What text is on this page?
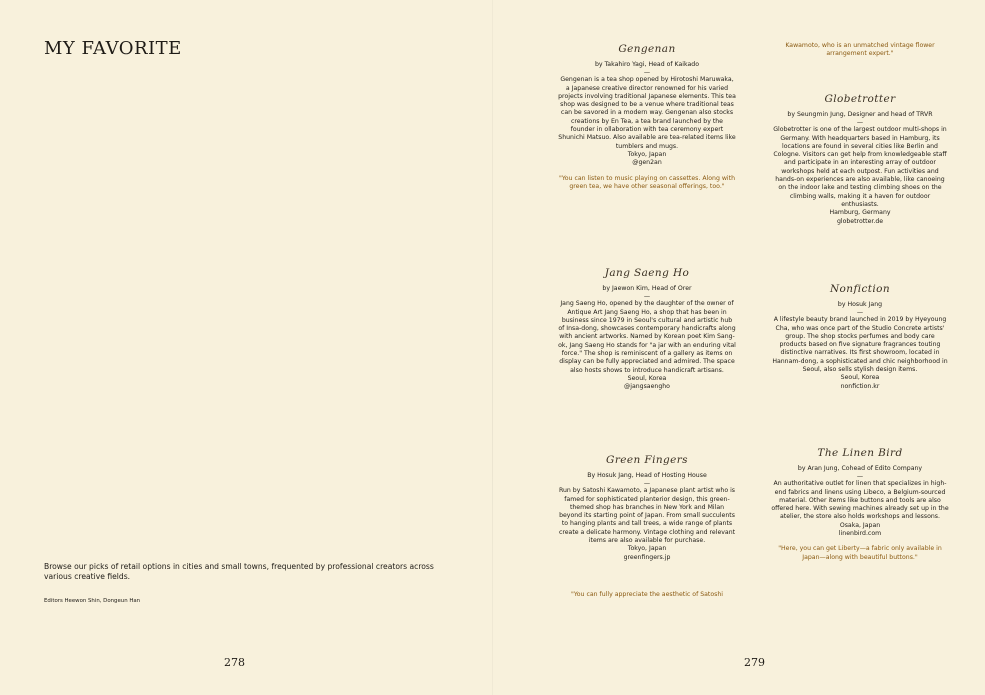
MY FAVORITE
Browse our picks of retail options in cities and small towns, frequented by professional creators across various creative fields.
Editors Heewon Shin, Dongeun Han
278
Gengenan
by Takahiro Yagi, Head of Kaikado
—
Gengenan is a tea shop opened by Hirotoshi Maruwaka, a Japanese creative director renowned for his varied projects involving traditional Japanese elements. This tea shop was designed to be a venue where traditional teas can be savored in a modern way. Gengenan also stocks creations by En Tea, a tea brand launched by the founder in ollaboration with tea ceremony expert Shunichi Matsuo. Also available are tea-related items like tumblers and mugs.
Tokyo, Japan
@gen2an
"You can listen to music playing on cassettes. Along with green tea, we have other seasonal offerings, too."
Jang Saeng Ho
by Jaewon Kim, Head of Orer
—
Jang Saeng Ho, opened by the daughter of the owner of Antique Art Jang Saeng Ho, a shop that has been in business since 1979 in Seoul's cultural and artistic hub of Insa-dong, showcases contemporary handicrafts along with ancient artworks. Named by Korean poet Kim Sang-ok, Jang Saeng Ho stands for "a jar with an enduring vital force." The shop is reminiscent of a gallery as items on display can be fully appreciated and admired. The space also hosts shows to introduce handicraft artisans.
Seoul, Korea
@jangsaengho
Green Fingers
By Hosuk Jang, Head of Hosting House
—
Run by Satoshi Kawamoto, a Japanese plant artist who is famed for sophisticated planterior design, this green-themed shop has branches in New York and Milan beyond its starting point of Japan. From small succulents to hanging plants and tall trees, a wide range of plants create a delicate harmony. Vintage clothing and relevant items are also available for purchase.
Tokyo, Japan
greenfingers.jp
"You can fully appreciate the aesthetic of Satoshi
Kawamoto, who is an unmatched vintage flower arrangement expert."
Globetrotter
by Seungmin Jung, Designer and head of TRVR
—
Globetrotter is one of the largest outdoor multi-shops in Germany. With headquarters based in Hamburg, its locations are found in several cities like Berlin and Cologne. Visitors can get help from knowledgeable staff and participate in an interesting array of outdoor workshops held at each outpost. Fun activities and hands-on experiences are also available, like canoeing on the indoor lake and testing climbing shoes on the climbing walls, making it a haven for outdoor enthusiasts.
Hamburg, Germany
globetrotter.de
Nonfiction
by Hosuk Jang
—
A lifestyle beauty brand launched in 2019 by Hyeyoung Cha, who was once part of the Studio Concrete artists' group. The shop stocks perfumes and body care products based on five signature fragrances touting distinctive narratives. Its first showroom, located in Hannam-dong, a sophisticated and chic neighborhood in Seoul, also sells stylish design items.
Seoul, Korea
nonfiction.kr
The Linen Bird
by Aran Jung, Cohead of Edito Company
—
An authoritative outlet for linen that specializes in high-end fabrics and linens using Libeco, a Belgium-sourced material. Other items like buttons and tools are also offered here. With sewing machines already set up in the atelier, the store also holds workshops and lessons.
Osaka, Japan
linenbird.com
"Here, you can get Liberty—a fabric only available in Japan—along with beautiful buttons."
279
